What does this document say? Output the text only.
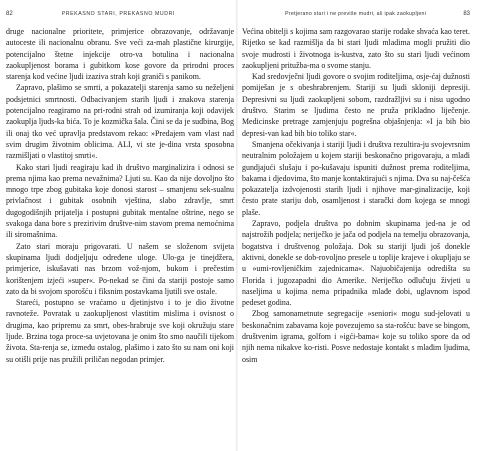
82	PREKASNO STARI, PREKASNO MUDRI

druge nacionalne prioritete, primjerice obrazovanje, održavanje autoceste ili nacionalnu obranu. Sve veći za-mah plastične kirurgije, potencijalno štetne injekcije otro-va botulina i nacionalna zaokupljenost borama i gubitkom kose govore da prirodni proces starenja kod većine ljudi izaziva strah koji graniči s panikom.

Zapravo, plašimo se smrti, a pokazatelji starenja samo su neželjeni podsjetnici smrtnosti. Odbacivanjem starih ljudi i znakova starenja potencijalno reagiramo na pri-rodni strah od izumiranja koji odavijek zaokuplja ljuds-ka bića. To je kozmička šala. Čini se da je sudbina, Bog ili onaj tko već upravlja predstavom rekao: »Predajem vam vlast nad svim drugim životnim oblicima. ALI, vi ste je-dina vrsta sposobna razmišljati o vlastitoj smrti«.

Kako stari ljudi reagiraju kad ih društvo marginalizira i odnosi se prema njima kao prema nevažnima? Ljuti su. Kao da nije dovoljno što mnogo trpe zbog gubitaka koje donosi starost – smanjenu sek-sualnu privlačnost i gubitak osobnih vještina, slabo zdravlje, smrt dugogodišnjih prijatelja i postupni gubitak mentalne oštrine, nego se svakoga dana bore s prezirivim društve-nim stavom prema nemoćnima ili siromašnima.

Zato stari moraju prigovarati. U našem se složenom svijeta skupinama ljudi dodjeljuju određene uloge. Ulo-ga je tinejdžera, primjerice, iskušavati nas brzom vož-njom, bukom i prečestim korištenjem izjeći »super«. Po-nekad se čini da stariji postoje samo zato da bi svojom sporošću i fiksnim postavkama ljutili sve ostale.

Stareći, postupno se vraćamo u djetinjstvo i to je dio životne ravnoteže. Povratak u zaokupljenost vlastitim mislima i ovisnost o drugima, kao pripremu za smrt, obes-hrabruje sve koji okružuju stare ljude. Brzina toga proce-sa uvjetovana je onim što smo naučili tijekom života. Sta-renja se, između ostalog, plašimo i zato što su nam oni koji su otišli prije nas pružili priličan negodan primjer.

Pretjerano stari i ne previše mudri, ali ipak zaokupljeni	83

Većina obitelji s kojima sam razgovarao starije rodake shvaća kao teret. Rijetko se kad razmišlja da bi stari ljudi mladima mogli pružiti dio svoje mudrosti i životnoga is-kustva, zato što su stari ljudi većinom zaokupljeni pritužba-ma o svome stanju.

Kad sredovječni ljudi govore o svojim roditeljima, osje-ćaj dužnosti pomiješan je s obeshrabrenjem. Stariji su ljudi skloniji depresiji. Depresivni su ljudi zaokupljeni sobom, razdražljivi su i nisu ugodno društvo. Starim se ljudima često ne pruža prikladno liječenje. Medicinske pretrage zamjenjuju pogrešna objašnjenja: »I ja bih bio depresi-van kad bih bio toliko star«.

Smanjena očekivanja i stariji ljudi i društva rezultira-ju svojevrsnim neutralnim položajem u kojem stariji beskonačno prigovaraju, a mlađi gundjajući slušaju i po-kušavaju ispuniti dužnost prema roditeljima, bakama i djedovima, što manje kontaktirajući s njima. Dva su naj-češća pokazatelja izdvojenosti starih ljudi i njihove mar-ginalizacije, koji često prate stariju dob, osamljenost i starački dom kojega se mnogi plaše.

Zapravo, podjela društva po dobnim skupinama jed-na je od najstrožih podjela; neriječko je jača od podjela na temelju obrazovanja, bogatstva i društvenog položaja. Dok su stariji ljudi još donekle aktivni, donekle se dob-rovoljno presele u toplije krajeve i okupljaju se u »umi-rovljeničkim zajednicama«. Najuobičajenija odredišta su Florida i jugozapadni dio Amerike. Neriječko odlučuju živjeti u naseljima u kojima nema pripadnika mlađe dobi, uglavnom ispod pedeset godina.

Zbog samonametnute segregacije »seniori« mogu sud-jelovati u beskonačnim zabavama koje povezujemo sa sta-rošću: bavе se bingom, društvenim igrama, golfom i »igći-bama« koje su toliko spore da od njih nema nikakve ko-risti. Posve nedostaje kontakt s mlađim ljudima, osim
